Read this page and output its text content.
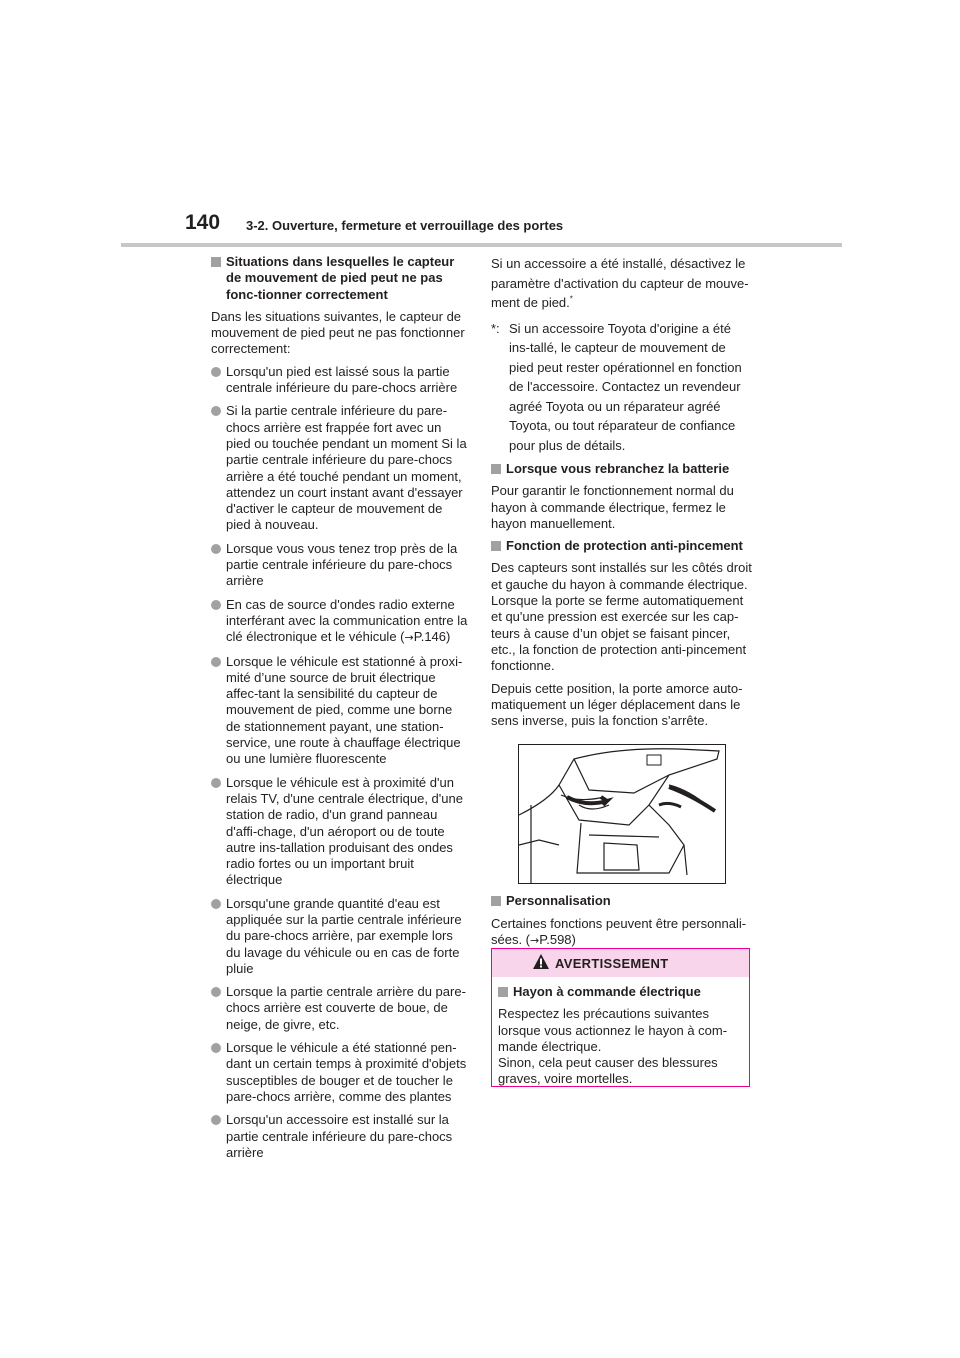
140 3-2. Ouverture, fermeture et verrouillage des portes
Situations dans lesquelles le capteur de mouvement de pied peut ne pas fonc-tionner correctement

Dans les situations suivantes, le capteur de mouvement de pied peut ne pas fonctionner correctement:

Lorsqu'un pied est laissé sous la partie centrale inférieure du pare-chocs arrière
Si la partie centrale inférieure du pare-chocs arrière est frappée fort avec un pied ou touchée pendant un moment Si la partie centrale inférieure du pare-chocs arrière a été touché pendant un moment, attendez un court instant avant d'essayer d'activer le capteur de mouvement de pied à nouveau.
Lorsque vous vous tenez trop près de la partie centrale inférieure du pare-chocs arrière
En cas de source d'ondes radio externe interférant avec la communication entre la clé électronique et le véhicule (→P.146)
Lorsque le véhicule est stationné à proxi-mité d’une source de bruit électrique affec-tant la sensibilité du capteur de mouvement de pied, comme une borne de stationnement payant, une station-service, une route à chauffage électrique ou une lumière fluorescente
Lorsque le véhicule est à proximité d'un relais TV, d'une centrale électrique, d'une station de radio, d'un grand panneau d'affi-chage, d'un aéroport ou de toute autre ins-tallation produisant des ondes radio fortes ou un important bruit électrique
Lorsqu'une grande quantité d'eau est appliquée sur la partie centrale inférieure du pare-chocs arrière, par exemple lors du lavage du véhicule ou en cas de forte pluie
Lorsque la partie centrale arrière du pare-chocs arrière est couverte de boue, de neige, de givre, etc.
Lorsque le véhicule a été stationné pen-dant un certain temps à proximité d'objets susceptibles de bouger et de toucher le pare-chocs arrière, comme des plantes
Lorsqu'un accessoire est installé sur la partie centrale inférieure du pare-chocs arrière

Si un accessoire a été installé, désactivez le paramètre d'activation du capteur de mouve-ment de pied.*

*: Si un accessoire Toyota d'origine a été ins-tallé, le capteur de mouvement de pied peut rester opérationnel en fonction de l'accessoire. Contactez un revendeur agréé Toyota ou un réparateur agréé Toyota, ou tout réparateur de confiance pour plus de détails.
Lorsque vous rebranchez la batterie

Pour garantir le fonctionnement normal du hayon à commande électrique, fermez le hayon manuellement.

Fonction de protection anti-pincement

Des capteurs sont installés sur les côtés droit et gauche du hayon à commande électrique. Lorsque la porte se ferme automatiquement et qu'une pression est exercée sur les cap-teurs à cause d’un objet se faisant pincer, etc., la fonction de protection anti-pincement fonctionne.

Depuis cette position, la porte amorce auto-matiquement un léger déplacement dans le sens inverse, puis la fonction s'arrête.

Personnalisation

Certaines fonctions peuvent être personnali-sées. (→P.598)

AVERTISSEMENT
Hayon à commande électrique

Respectez les précautions suivantes lorsque vous actionnez le hayon à com-mande électrique.

Sinon, cela peut causer des blessures graves, voire mortelles.
